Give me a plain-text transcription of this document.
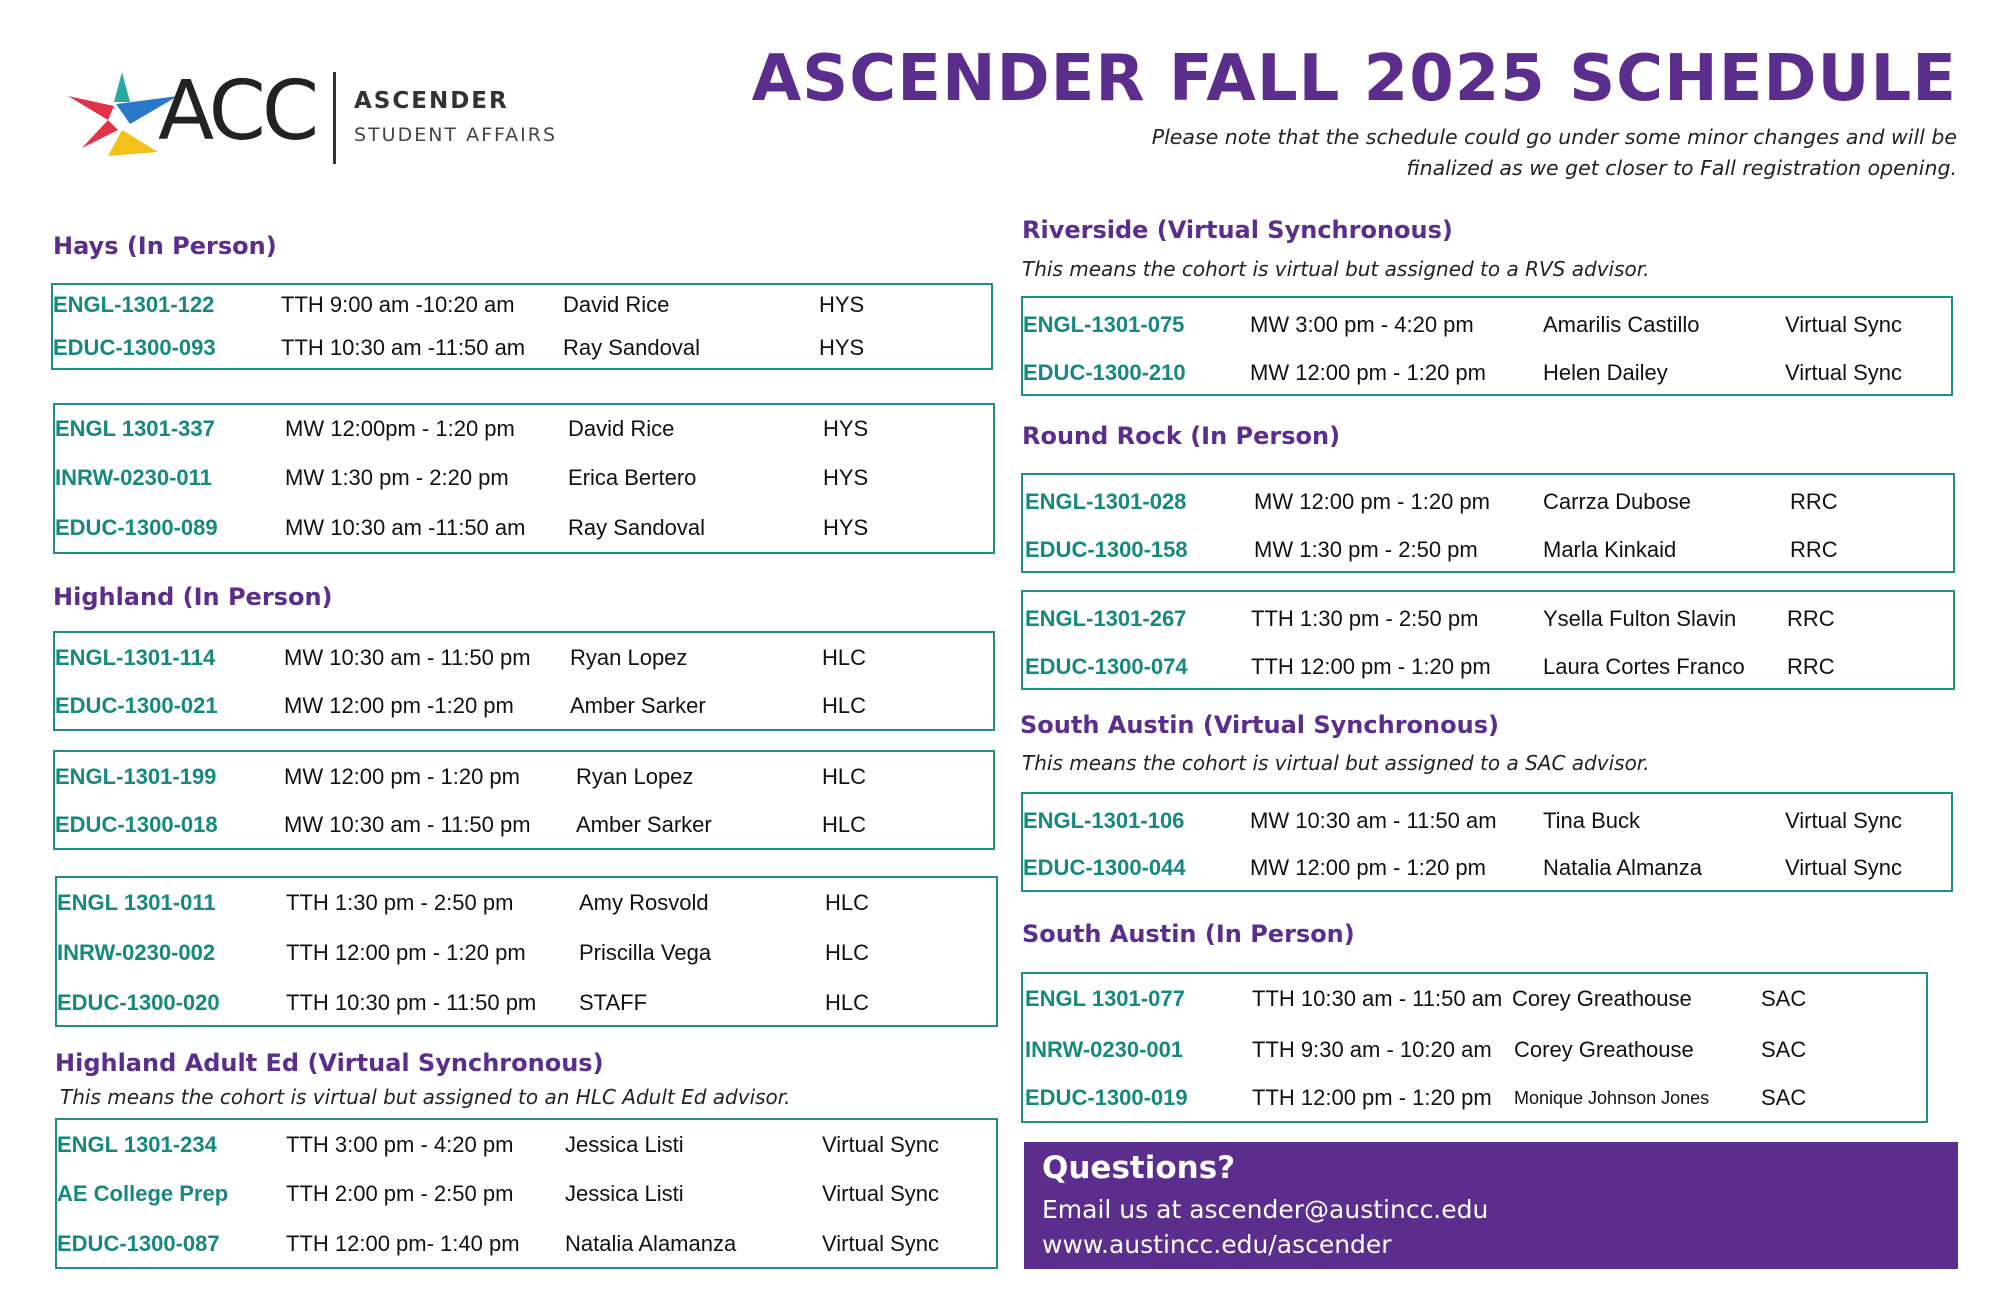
ACC ASCENDER
STUDENT AFFAIRS
ASCENDER FALL 2025 SCHEDULE
Please note that the schedule could go under some minor changes and will be
finalized as we get closer to Fall registration opening.
Hays (In Person)
ENGL-1301-122	TTH 9:00 am -10:20 am David Rice	HYS
EDUC-1300-093	TTH 10:30 am -11:50 am Ray Sandoval	HYS
ENGL 1301-337	MW 12:00pm - 1:20 pm David Rice	HYS
INRW-0230-011	MW 1:30 pm - 2:20 pm	Erica Bertero	HYS
EDUC-1300-089	MW 10:30 am -11:50 am Ray Sandoval	HYS
Highland (In Person)
ENGL-1301-114	MW 10:30 am - 11:50 pm Ryan Lopez	HLC
EDUC-1300-021	MW 12:00 pm -1:20 pm	Amber Sarker	HLC
ENGL-1301-199	MW 12:00 pm - 1:20 pm	Ryan Lopez	HLC
EDUC-1300-018	MW 10:30 am - 11:50 pm Amber Sarker	HLC
ENGL 1301-011	TTH 1:30 pm - 2:50 pm	Amy Rosvold	HLC
INRW-0230-002	TTH 12:00 pm - 1:20 pm Priscilla Vega	HLC
EDUC-1300-020	TTH 10:30 pm - 11:50 pm STAFF	HLC
Highland Adult Ed (Virtual Synchronous)
This means the cohort is virtual but assigned to an HLC Adult Ed advisor.
ENGL 1301-234	TTH 3:00 pm - 4:20 pm Jessica Listi	Virtual Sync
AE College Prep	TTH 2:00 pm - 2:50 pm Jessica Listi	Virtual Sync
EDUC-1300-087	TTH 12:00 pm- 1:40 pm Natalia Alamanza	Virtual Sync
Riverside (Virtual Synchronous)
This means the cohort is virtual but assigned to a RVS advisor.
ENGL-1301-075	MW 3:00 pm - 4:20 pm	Amarilis Castillo	Virtual Sync
EDUC-1300-210	MW 12:00 pm - 1:20 pm	Helen Dailey	Virtual Sync
Round Rock (In Person)
ENGL-1301-028	MW 12:00 pm - 1:20 pm Carrza Dubose	RRC
EDUC-1300-158	MW 1:30 pm - 2:50 pm	Marla Kinkaid	RRC
ENGL-1301-267	TTH 1:30 pm - 2:50 pm	Ysella Fulton Slavin RRC
EDUC-1300-074	TTH 12:00 pm - 1:20 pm Laura Cortes Franco RRC
South Austin (Virtual Synchronous)
This means the cohort is virtual but assigned to a SAC advisor.
ENGL-1301-106	MW 10:30 am - 11:50 am Tina Buck	Virtual Sync
EDUC-1300-044	MW 12:00 pm - 1:20 pm	Natalia Almanza	Virtual Sync
South Austin (In Person)
ENGL 1301-077	TTH 10:30 am - 11:50 am Corey Greathouse	SAC
INRW-0230-001	TTH 9:30 am - 10:20 am Corey Greathouse	SAC
EDUC-1300-019	TTH 12:00 pm - 1:20 pm Monique Johnson Jones SAC
Questions?
Email us at ascender@austincc.edu
www.austincc.edu/ascender
